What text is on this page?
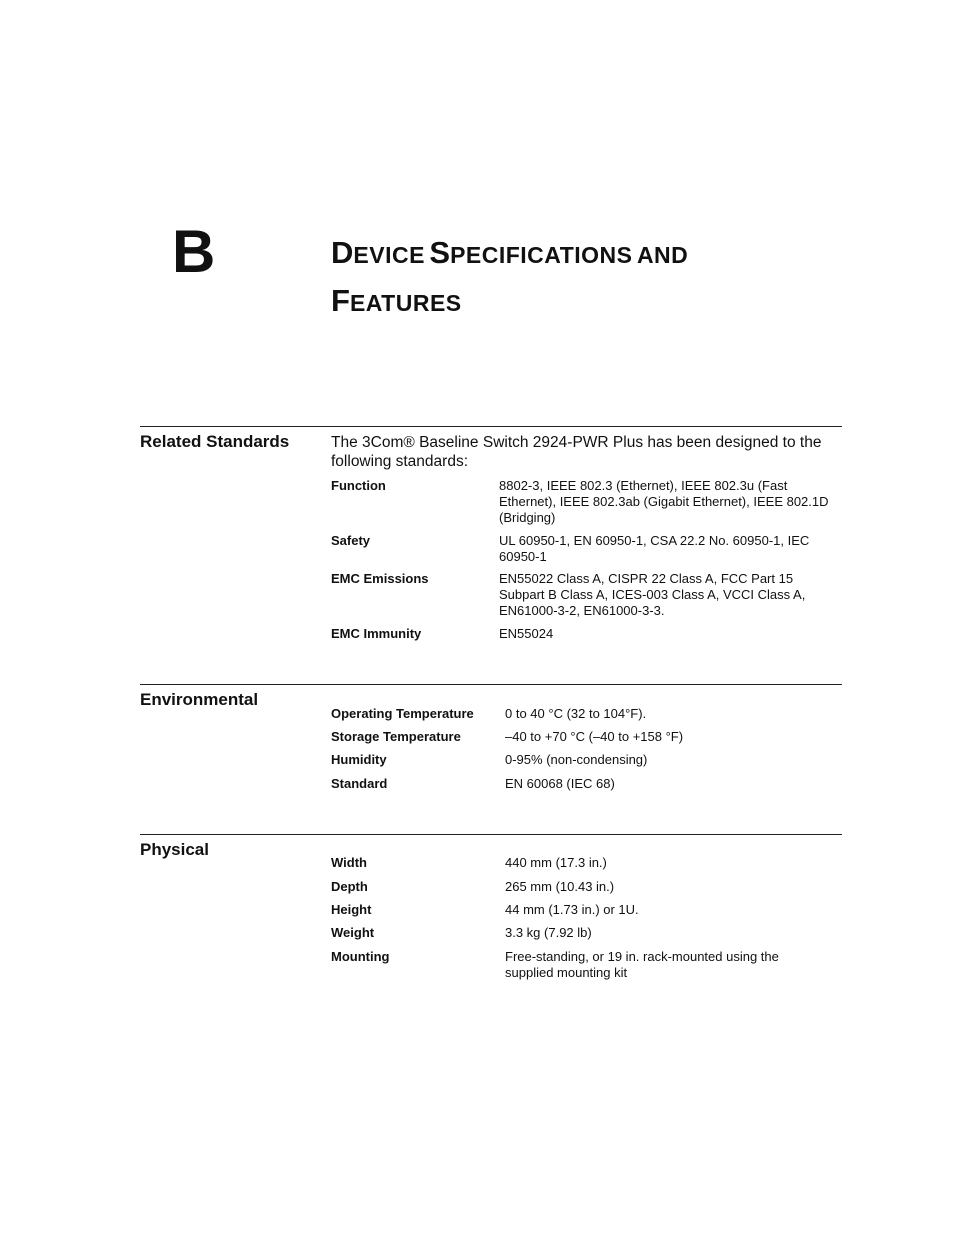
B	DEVICE SPECIFICATIONS AND
FEATURES
Related Standards	The 3Com® Baseline Switch 2924-PWR Plus has been designed to the following standards:
Function	8802-3, IEEE 802.3 (Ethernet), IEEE 802.3u (Fast Ethernet), IEEE 802.3ab (Gigabit Ethernet), IEEE 802.1D (Bridging)
Safety	UL 60950-1, EN 60950-1, CSA 22.2 No. 60950-1, IEC 60950-1
EMC Emissions	EN55022 Class A, CISPR 22 Class A, FCC Part 15 Subpart B Class A, ICES-003 Class A, VCCI Class A, EN61000-3-2, EN61000-3-3.
EMC Immunity	EN55024
Environmental
Operating Temperature 0 to 40 °C (32 to 104°F).
Storage Temperature	–40 to +70 °C (–40 to +158 °F)
Humidity	0-95% (non-condensing)
Standard	EN 60068 (IEC 68)
Physical
Width	440 mm (17.3 in.)
Depth	265 mm (10.43 in.)
Height	44 mm (1.73 in.) or 1U.
Weight	3.3 kg (7.92 lb)
Mounting	Free-standing, or 19 in. rack-mounted using the supplied mounting kit
